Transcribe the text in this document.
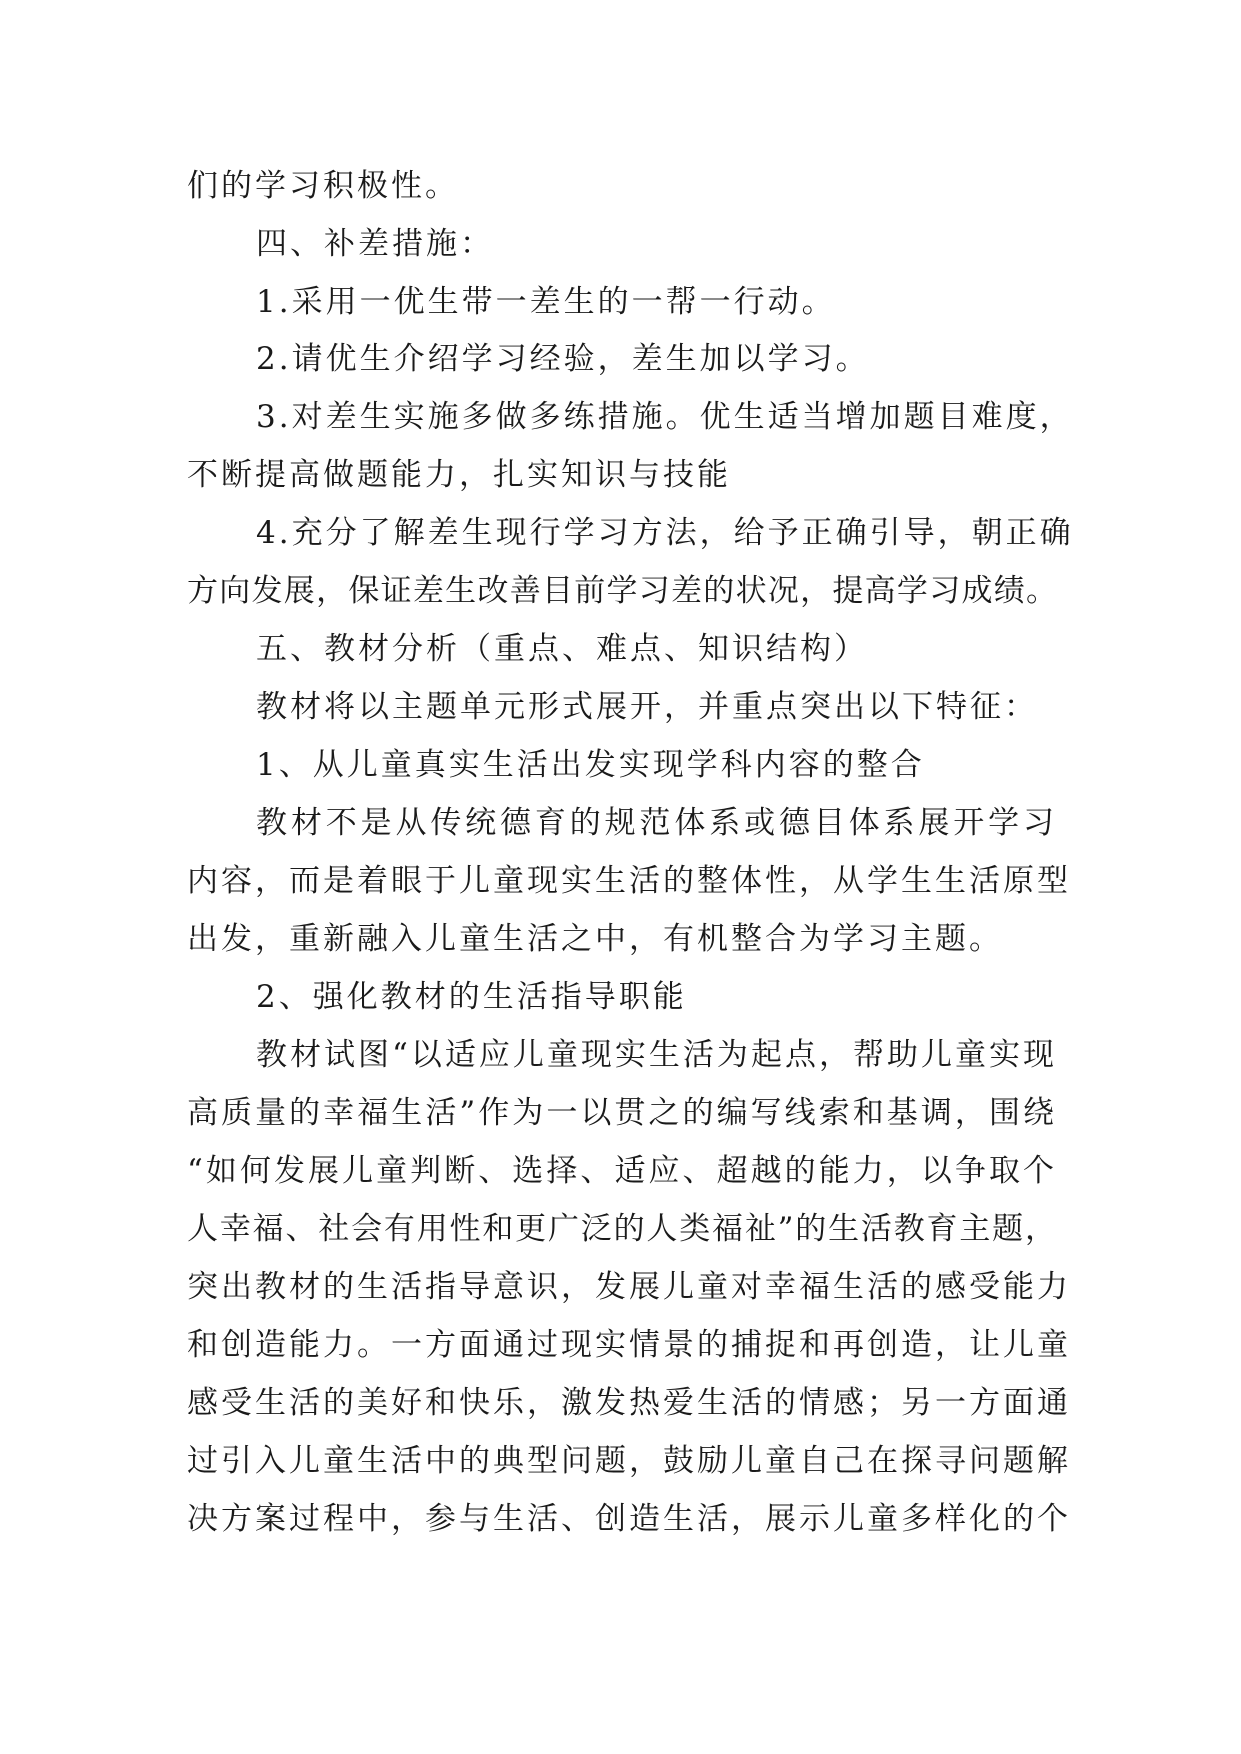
们的学习积极性。
四、补差措施：
1.采用一优生带一差生的一帮一行动。
2.请优生介绍学习经验，差生加以学习。
3.对差生实施多做多练措施。优生适当增加题目难度，
不断提高做题能力，扎实知识与技能
4.充分了解差生现行学习方法，给予正确引导，朝正确
方向发展，保证差生改善目前学习差的状况，提高学习成绩。
五、教材分析（重点、难点、知识结构）
教材将以主题单元形式展开，并重点突出以下特征：
1、从儿童真实生活出发实现学科内容的整合
教材不是从传统德育的规范体系或德目体系展开学习
内容，而是着眼于儿童现实生活的整体性，从学生生活原型
出发，重新融入儿童生活之中，有机整合为学习主题。
2、强化教材的生活指导职能
教材试图“以适应儿童现实生活为起点，帮助儿童实现
高质量的幸福生活”作为一以贯之的编写线索和基调，围绕
“如何发展儿童判断、选择、适应、超越的能力，以争取个
人幸福、社会有用性和更广泛的人类福祉”的生活教育主题，
突出教材的生活指导意识，发展儿童对幸福生活的感受能力
和创造能力。一方面通过现实情景的捕捉和再创造，让儿童
感受生活的美好和快乐，激发热爱生活的情感；另一方面通
过引入儿童生活中的典型问题，鼓励儿童自己在探寻问题解
决方案过程中，参与生活、创造生活，展示儿童多样化的个
